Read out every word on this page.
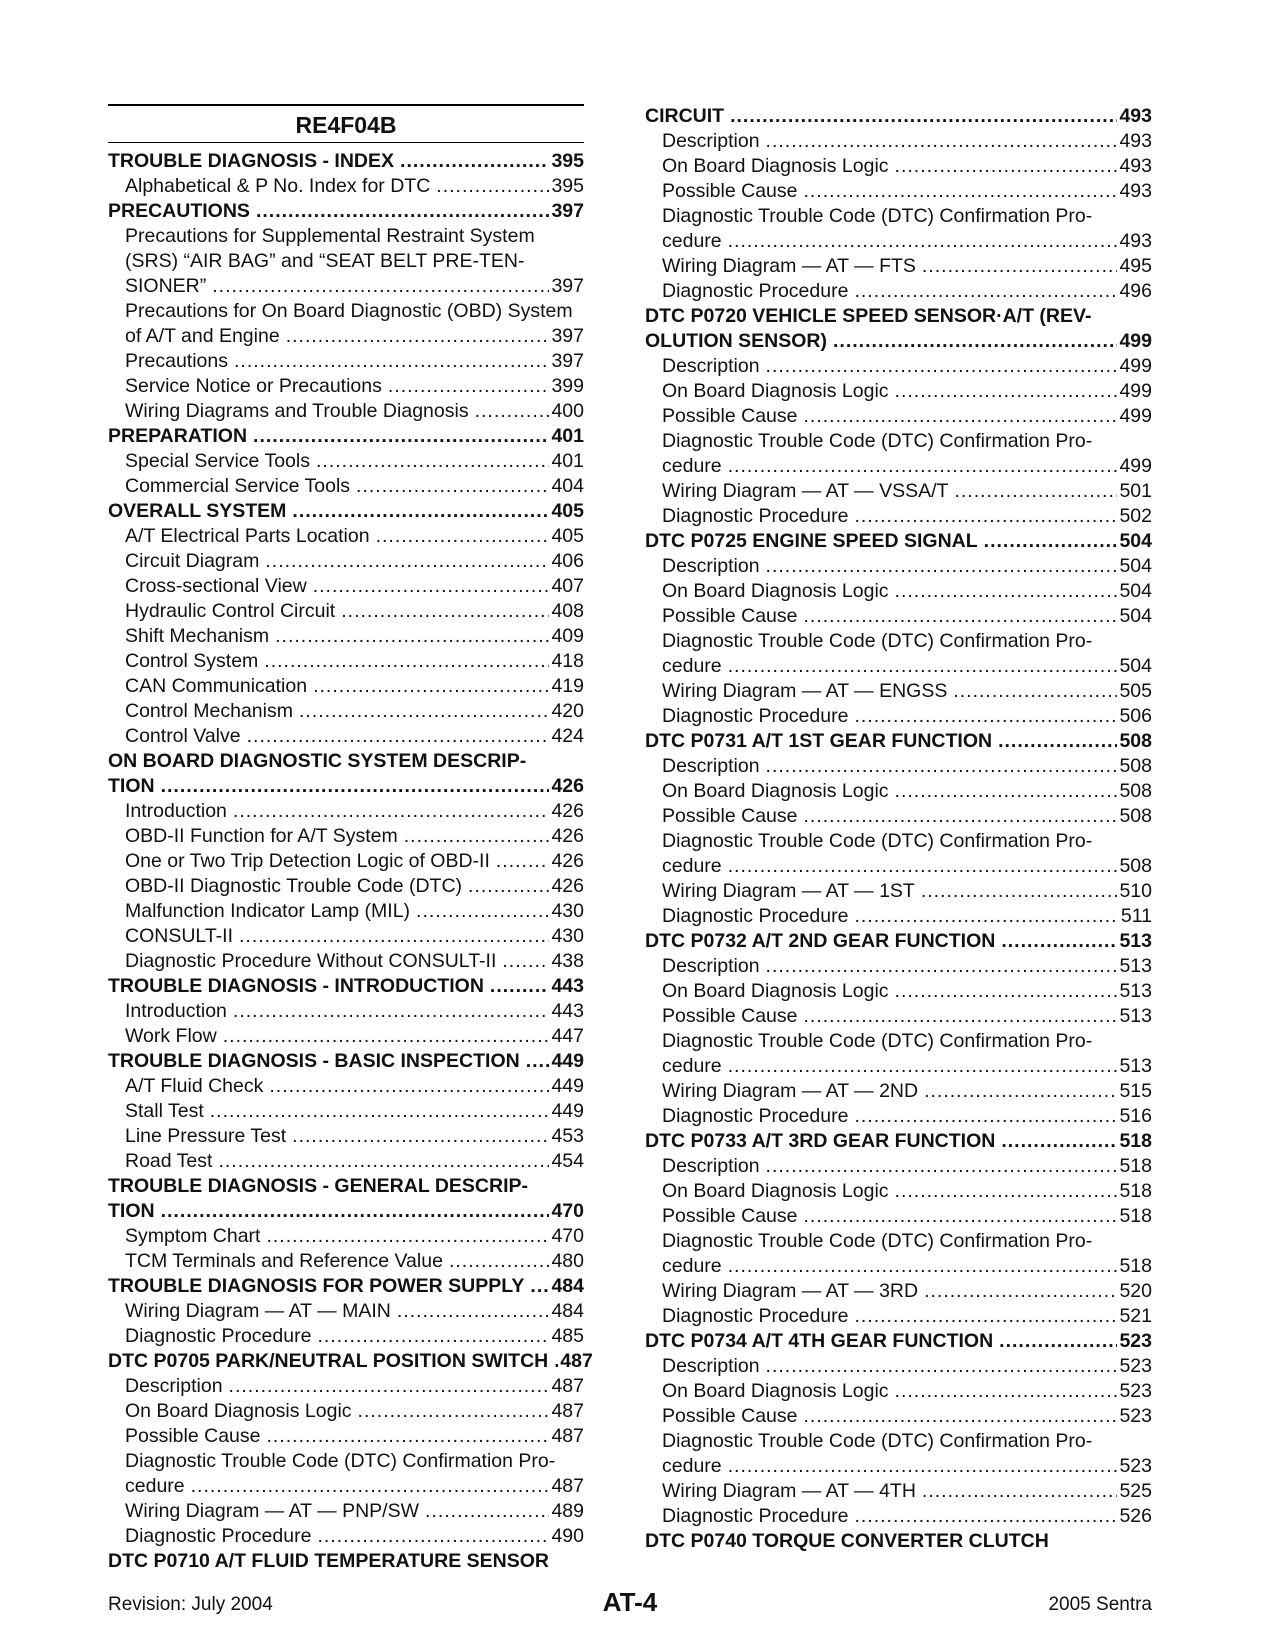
RE4F04B
TROUBLE DIAGNOSIS - INDEX .....	395
Alphabetical & P No. Index for DTC .....	395
PRECAUTIONS .....	397
Precautions for Supplemental Restraint System
(SRS) “AIR BAG” and “SEAT BELT PRE-TEN-
SIONER” .....	397
Precautions for On Board Diagnostic (OBD) System
of A/T and Engine .....	397
Precautions .....	397
Service Notice or Precautions .....	399
Wiring Diagrams and Trouble Diagnosis .....	400
PREPARATION .....	401
Special Service Tools .....	401
Commercial Service Tools .....	404
OVERALL SYSTEM .....	405
A/T Electrical Parts Location .....	405
Circuit Diagram .....	406
Cross-sectional View .....	407
Hydraulic Control Circuit .....	408
Shift Mechanism .....	409
Control System .....	418
CAN Communication .....	419
Control Mechanism .....	420
Control Valve .....	424
ON BOARD DIAGNOSTIC SYSTEM DESCRIP-
TION .....	426
Introduction .....	426
OBD-II Function for A/T System .....	426
One or Two Trip Detection Logic of OBD-II .....	426
OBD-II Diagnostic Trouble Code (DTC) .....	426
Malfunction Indicator Lamp (MIL) .....	430
CONSULT-II .....	430
Diagnostic Procedure Without CONSULT-II .....	438
TROUBLE DIAGNOSIS - INTRODUCTION .....	443
Introduction .....	443
Work Flow .....	447
TROUBLE DIAGNOSIS - BASIC INSPECTION ..... 449
A/T Fluid Check .....	449
Stall Test .....	449
Line Pressure Test .....	453
Road Test .....	454
TROUBLE DIAGNOSIS - GENERAL DESCRIP-
TION .....	470
Symptom Chart .....	470
TCM Terminals and Reference Value .....	480
TROUBLE DIAGNOSIS FOR POWER SUPPLY ..... 484
Wiring Diagram — AT — MAIN .....	484
Diagnostic Procedure .....	485
DTC P0705 PARK/NEUTRAL POSITION SWITCH ..... 487
Description .....	487
On Board Diagnosis Logic .....	487
Possible Cause .....	487
Diagnostic Trouble Code (DTC) Confirmation Pro-
cedure .....	487
Wiring Diagram — AT — PNP/SW .....	489
Diagnostic Procedure .....	490
DTC P0710 A/T FLUID TEMPERATURE SENSOR
CIRCUIT .....	493
Description .....	493
On Board Diagnosis Logic .....	493
Possible Cause .....	493
Diagnostic Trouble Code (DTC) Confirmation Pro-
cedure .....	493
Wiring Diagram — AT — FTS .....	495
Diagnostic Procedure .....	496
DTC P0720 VEHICLE SPEED SENSOR·A/T (REV-
OLUTION SENSOR) .....	499
Description .....	499
On Board Diagnosis Logic .....	499
Possible Cause .....	499
Diagnostic Trouble Code (DTC) Confirmation Pro-
cedure .....	499
Wiring Diagram — AT — VSSA/T .....	501
Diagnostic Procedure .....	502
DTC P0725 ENGINE SPEED SIGNAL .....	504
Description .....	504
On Board Diagnosis Logic .....	504
Possible Cause .....	504
Diagnostic Trouble Code (DTC) Confirmation Pro-
cedure .....	504
Wiring Diagram — AT — ENGSS .....	505
Diagnostic Procedure .....	506
DTC P0731 A/T 1ST GEAR FUNCTION .....	508
Description .....	508
On Board Diagnosis Logic .....	508
Possible Cause .....	508
Diagnostic Trouble Code (DTC) Confirmation Pro-
cedure .....	508
Wiring Diagram — AT — 1ST .....	510
Diagnostic Procedure .....	511
DTC P0732 A/T 2ND GEAR FUNCTION .....	513
Description .....	513
On Board Diagnosis Logic .....	513
Possible Cause .....	513
Diagnostic Trouble Code (DTC) Confirmation Pro-
cedure .....	513
Wiring Diagram — AT — 2ND .....	515
Diagnostic Procedure .....	516
DTC P0733 A/T 3RD GEAR FUNCTION .....	518
Description .....	518
On Board Diagnosis Logic .....	518
Possible Cause .....	518
Diagnostic Trouble Code (DTC) Confirmation Pro-
cedure .....	518
Wiring Diagram — AT — 3RD .....	520
Diagnostic Procedure .....	521
DTC P0734 A/T 4TH GEAR FUNCTION .....	523
Description .....	523
On Board Diagnosis Logic .....	523
Possible Cause .....	523
Diagnostic Trouble Code (DTC) Confirmation Pro-
cedure .....	523
Wiring Diagram — AT — 4TH .....	525
Diagnostic Procedure .....	526
DTC P0740 TORQUE CONVERTER CLUTCH
Revision: July 2004	AT-4	2005 Sentra
